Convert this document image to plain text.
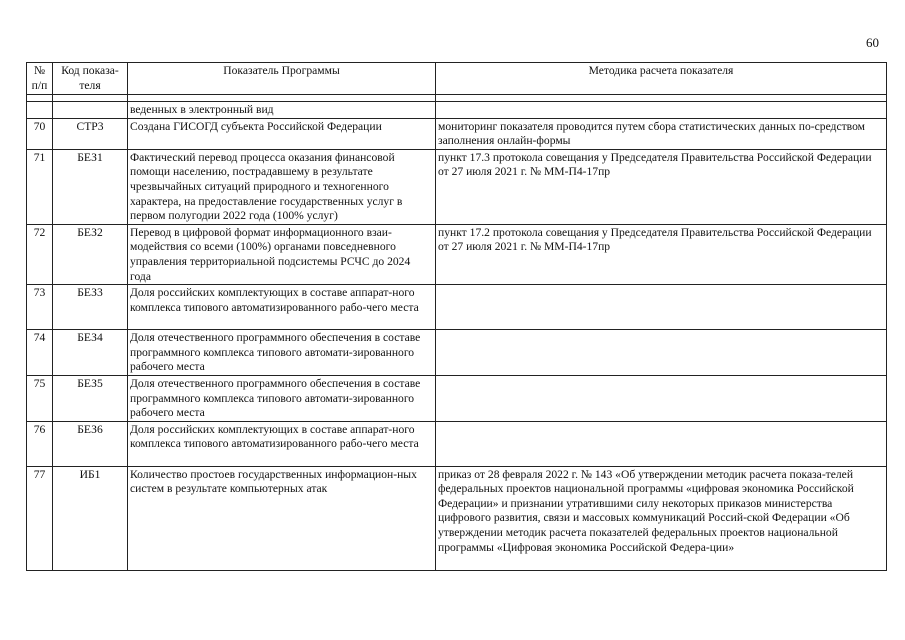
60
№ п/п	Код показа-теля	Показатель Программы	Методика расчета показателя

		веденных в электронный вид	
70	СТР3	Создана ГИСОГД субъекта Российской Федерации	мониторинг показателя проводится путем сбора статистических данных по-средством заполнения онлайн-формы
71	БЕЗ1	Фактический перевод процесса оказания финансовой помощи населению, пострадавшему в результате чрезвычайных ситуаций природного и техногенного характера, на предоставление государственных услуг в первом полугодии 2022 года (100% услуг)	пункт 17.3 протокола совещания у Председателя Правительства Российской Федерации от 27 июля 2021 г. № ММ-П4-17пр
72	БЕЗ2	Перевод в цифровой формат информационного взаи-модействия со всеми (100%) органами повседневного управления территориальной подсистемы РСЧС до 2024 года	пункт 17.2 протокола совещания у Председателя Правительства Российской Федерации от 27 июля 2021 г. № ММ-П4-17пр
73	БЕЗ3	Доля российских комплектующих в составе аппарат-ного комплекса типового автоматизированного рабо-чего места	
74	БЕЗ4	Доля отечественного программного обеспечения в составе программного комплекса типового автомати-зированного рабочего места	
75	БЕЗ5	Доля отечественного программного обеспечения в составе программного комплекса типового автомати-зированного рабочего места	
76	БЕЗ6	Доля российских комплектующих в составе аппарат-ного комплекса типового автоматизированного рабо-чего места	
77	ИБ1	Количество простоев государственных информацион-ных систем в результате компьютерных атак	приказ от 28 февраля 2022 г. № 143 «Об утверждении методик расчета показа-телей федеральных проектов национальной программы «цифровая экономика Российской Федерации» и признании утратившими силу некоторых приказов министерства цифрового развития, связи и массовых коммуникаций Россий-ской Федерации «Об утверждении методик расчета показателей федеральных проектов национальной программы «Цифровая экономика Российской Федера-ции»
